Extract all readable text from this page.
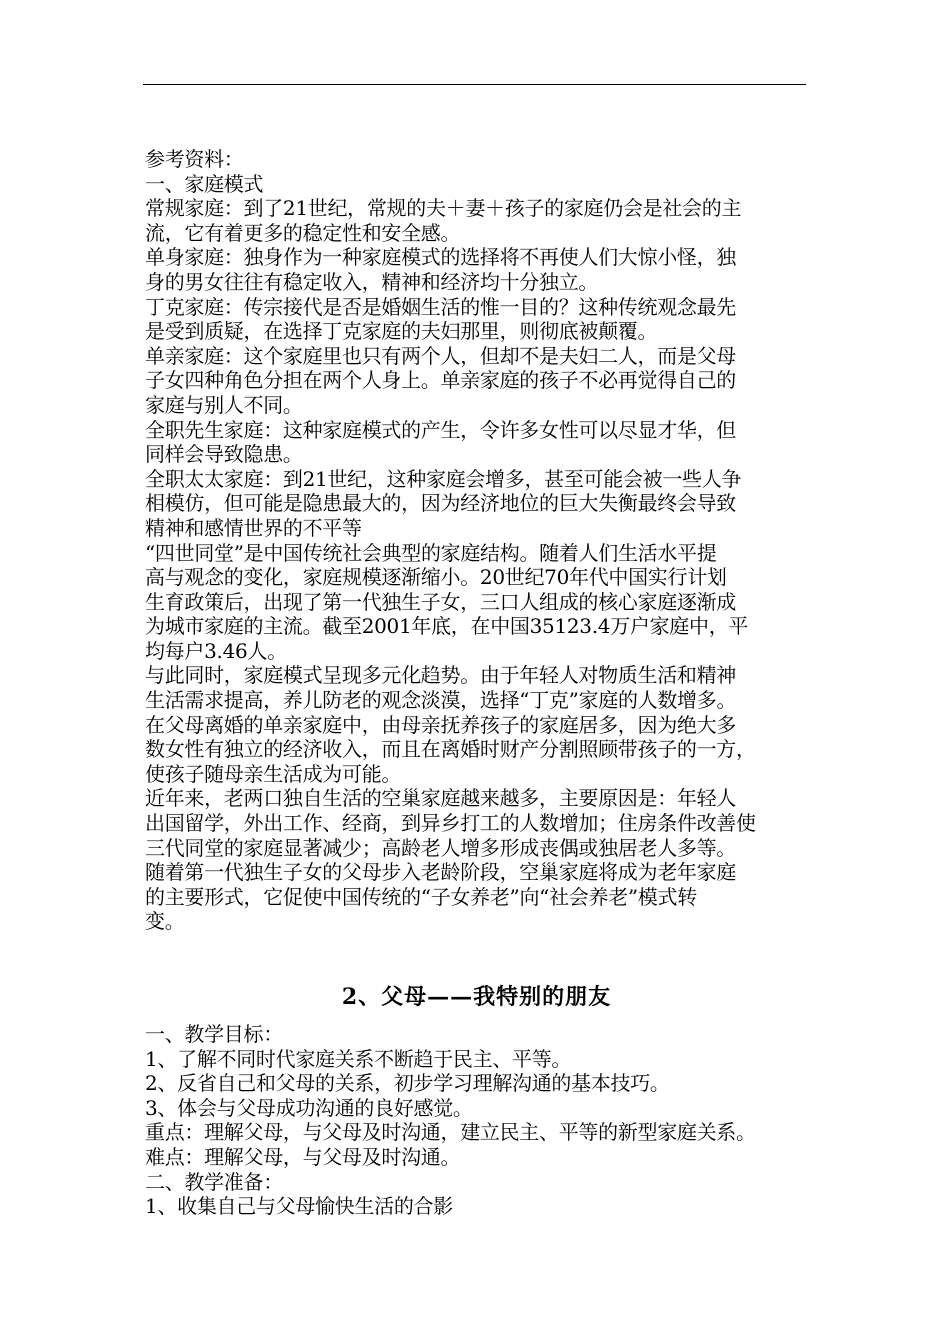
参考资料：
一、家庭模式
常规家庭：到了21世纪，常规的夫＋妻＋孩子的家庭仍会是社会的主
流，它有着更多的稳定性和安全感。
单身家庭：独身作为一种家庭模式的选择将不再使人们大惊小怪，独
身的男女往往有稳定收入，精神和经济均十分独立。
丁克家庭：传宗接代是否是婚姻生活的惟一目的？这种传统观念最先
是受到质疑，在选择丁克家庭的夫妇那里，则彻底被颠覆。
单亲家庭：这个家庭里也只有两个人，但却不是夫妇二人，而是父母
子女四种角色分担在两个人身上。单亲家庭的孩子不必再觉得自己的
家庭与别人不同。
全职先生家庭：这种家庭模式的产生，令许多女性可以尽显才华，但
同样会导致隐患。
全职太太家庭：到21世纪，这种家庭会增多，甚至可能会被一些人争
相模仿，但可能是隐患最大的，因为经济地位的巨大失衡最终会导致
精神和感情世界的不平等
“四世同堂”是中国传统社会典型的家庭结构。随着人们生活水平提
高与观念的变化，家庭规模逐渐缩小。20世纪70年代中国实行计划
生育政策后，出现了第一代独生子女，三口人组成的核心家庭逐渐成
为城市家庭的主流。截至2001年底，在中国35123.4万户家庭中，平
均每户3.46人。
与此同时，家庭模式呈现多元化趋势。由于年轻人对物质生活和精神
生活需求提高，养儿防老的观念淡漠，选择“丁克”家庭的人数增多。
在父母离婚的单亲家庭中，由母亲抚养孩子的家庭居多，因为绝大多
数女性有独立的经济收入，而且在离婚时财产分割照顾带孩子的一方，
使孩子随母亲生活成为可能。
近年来，老两口独自生活的空巢家庭越来越多，主要原因是：年轻人
出国留学，外出工作、经商，到异乡打工的人数增加；住房条件改善使
三代同堂的家庭显著减少；高龄老人增多形成丧偶或独居老人多等。
随着第一代独生子女的父母步入老龄阶段，空巢家庭将成为老年家庭
的主要形式，它促使中国传统的“子女养老”向“社会养老”模式转
变。
2、父母——我特别的朋友
一、教学目标：
1、了解不同时代家庭关系不断趋于民主、平等。
2、反省自己和父母的关系，初步学习理解沟通的基本技巧。
3、体会与父母成功沟通的良好感觉。
重点：理解父母，与父母及时沟通，建立民主、平等的新型家庭关系。
难点：理解父母，与父母及时沟通。
二、教学准备：
1、收集自己与父母愉快生活的合影
